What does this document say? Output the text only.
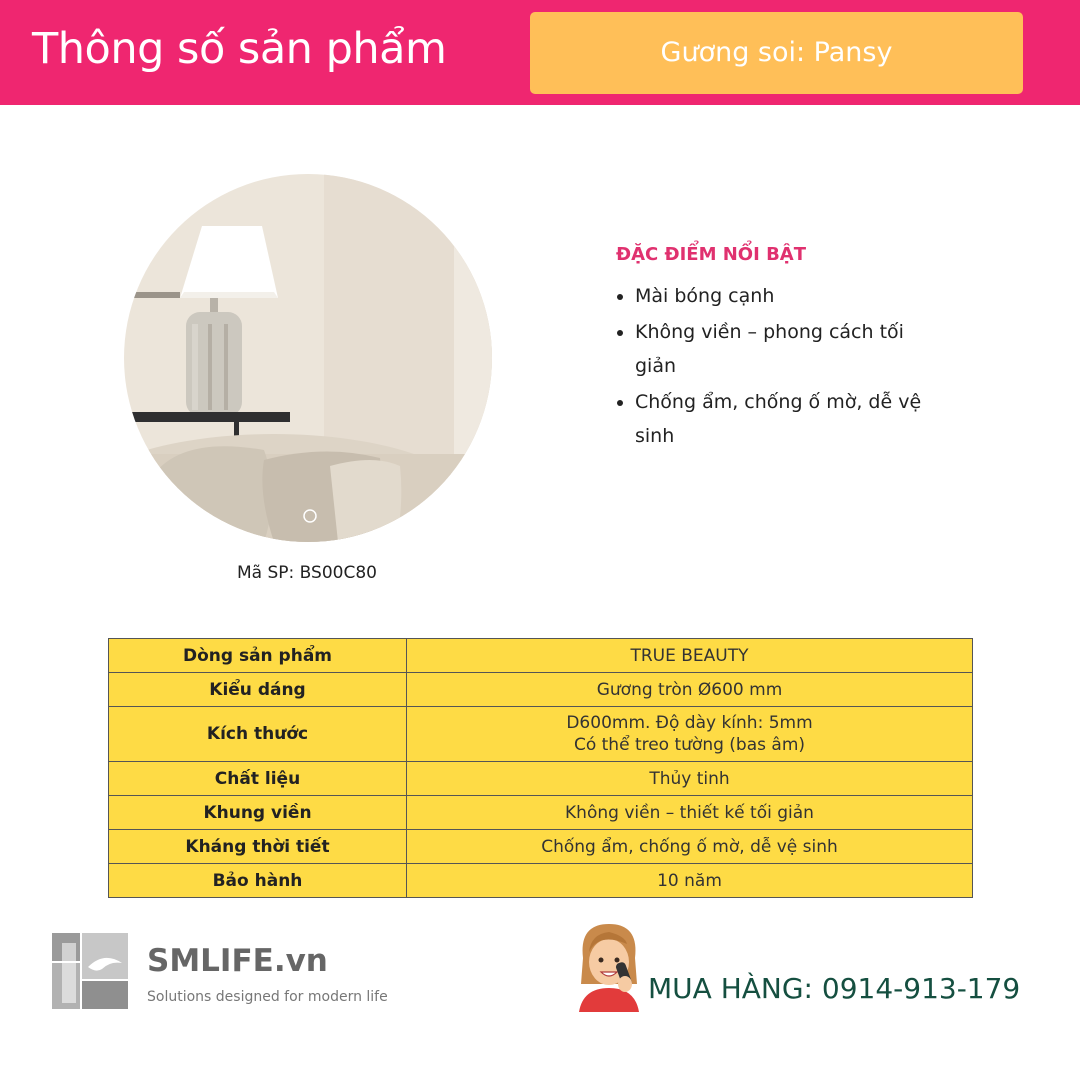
Thông số sản phẩm	Gương soi: Pansy
Mã SP: BS00C80
ĐẶC ĐIỂM NỔI BẬT
• Mài bóng cạnh
• Không viền – phong cách tối giản
• Chống ẩm, chống ố mờ, dễ vệ sinh
Dòng sản phẩm	TRUE BEAUTY
Kiểu dáng	Gương tròn Ø600 mm
Kích thước	D600mm. Độ dày kính: 5mm
Có thể treo tường (bas âm)

Chất liệu	Thủy tinh
Khung viền	Không viền – thiết kế tối giản
Kháng thời tiết	Chống ẩm, chống ố mờ, dễ vệ sinh
Bảo hành	10 năm
SMLIFE.vn
Solutions designed for modern life	MUA HÀNG: 0914-913-179
